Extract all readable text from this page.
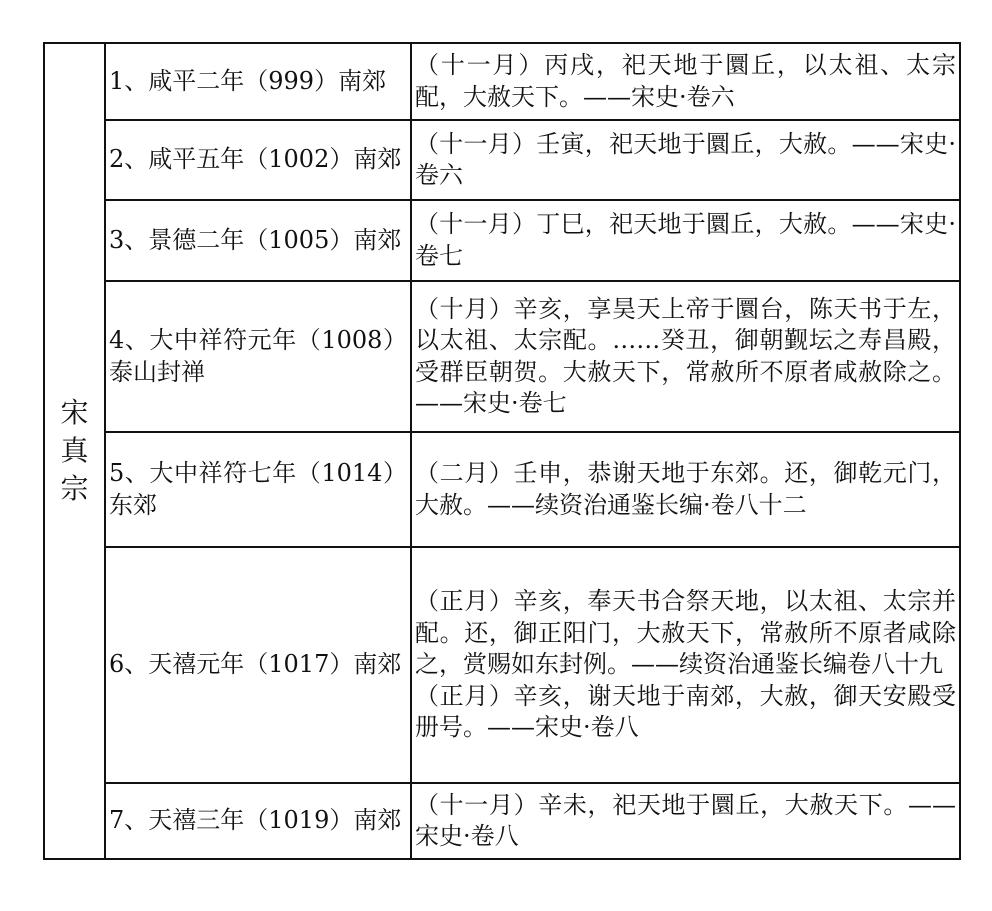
宋真宗	1、咸平二年（999）南郊	（十一月）丙戌，祀天地于圜丘，以太祖、太宗配，大赦天下。——宋史·卷六

	2、咸平五年（1002）南郊	（十一月）壬寅，祀天地于圜丘，大赦。——宋史·卷六

	3、景德二年（1005）南郊	（十一月）丁巳，祀天地于圜丘，大赦。——宋史·卷七

	4、大中祥符元年（1008）泰山封禅	（十月）辛亥，享昊天上帝于圜台，陈天书于左，以太祖、太宗配。……癸丑，御朝觐坛之寿昌殿，受群臣朝贺。大赦天下，常赦所不原者咸赦除之。——宋史·卷七

	5、大中祥符七年（1014）东郊	（二月）壬申，恭谢天地于东郊。还，御乾元门，大赦。——续资治通鉴长编·卷八十二

	6、天禧元年（1017）南郊	（正月）辛亥，奉天书合祭天地，以太祖、太宗并配。还，御正阳门，大赦天下，常赦所不原者咸除之，赏赐如东封例。——续资治通鉴长编卷八十九
（正月）辛亥，谢天地于南郊，大赦，御天安殿受册号。——宋史·卷八

	7、天禧三年（1019）南郊	（十一月）辛未，祀天地于圜丘，大赦天下。——宋史·卷八
